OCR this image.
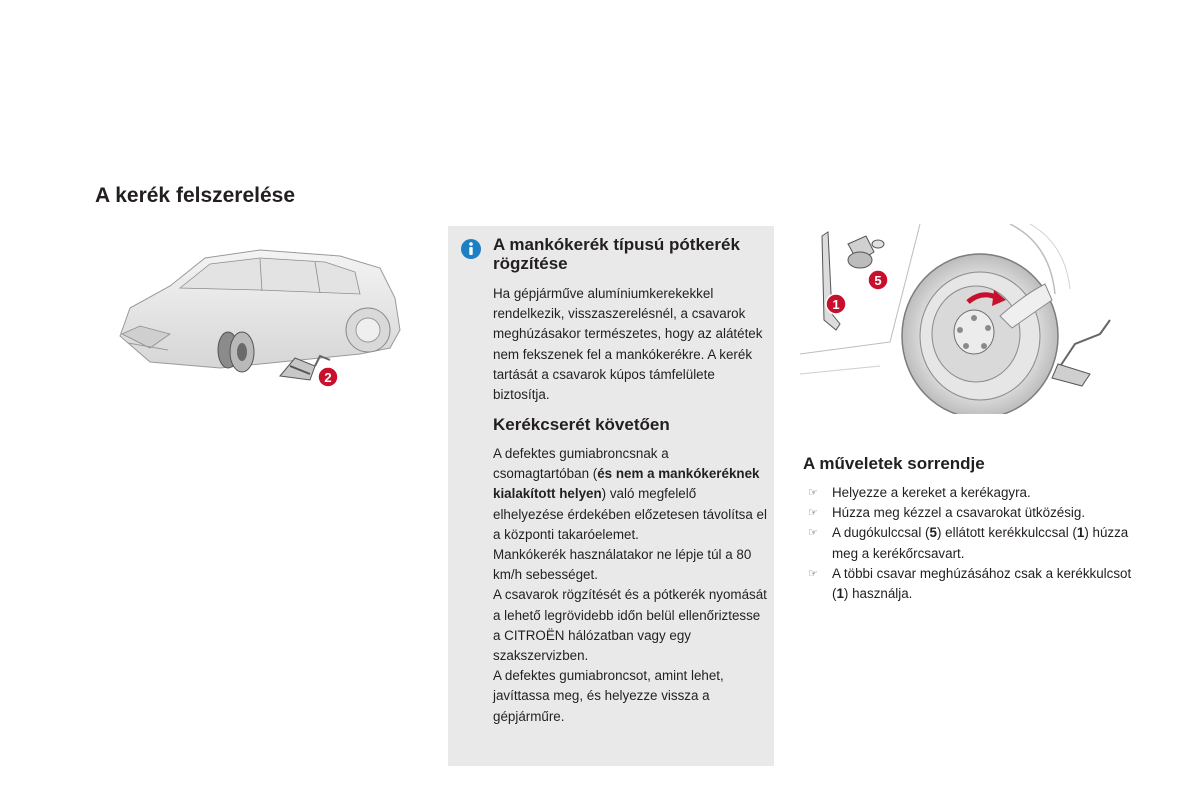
A kerék felszerelése
2
A mankókerék típusú pótkerék rögzítése

Ha gépjárműve alumíniumkerekekkel rendelkezik, visszaszerelésnél, a csavarok meghúzásakor természetes, hogy az alátétek nem fekszenek fel a mankókerékre. A kerék tartását a csavarok kúpos támfelülete biztosítja.

Kerékcserét követően

A defektes gumiabroncsnak a csomagtartóban (és nem a mankókeréknek kialakított helyen) való megfelelő elhelyezése érdekében előzetesen távolítsa el a központi takaróelemet.

Mankókerék használatakor ne lépje túl a 80 km/h sebességet.

A csavarok rögzítését és a pótkerék nyomását a lehető legrövidebb időn belül ellenőriztesse a CITROËN hálózatban vagy egy szakszervizben.

A defektes gumiabroncsot, amint lehet, javíttassa meg, és helyezze vissza a gépjárműre.

1
5
A műveletek sorrendje
☞ Helyezze a kereket a kerékagyra.
☞ Húzza meg kézzel a csavarokat ütközésig.
☞ A dugókulccsal (5) ellátott kerékkulccsal (1) húzza meg a kerékőrcsavart.
☞ A többi csavar meghúzásához csak a kerékkulcsot (1) használja.
